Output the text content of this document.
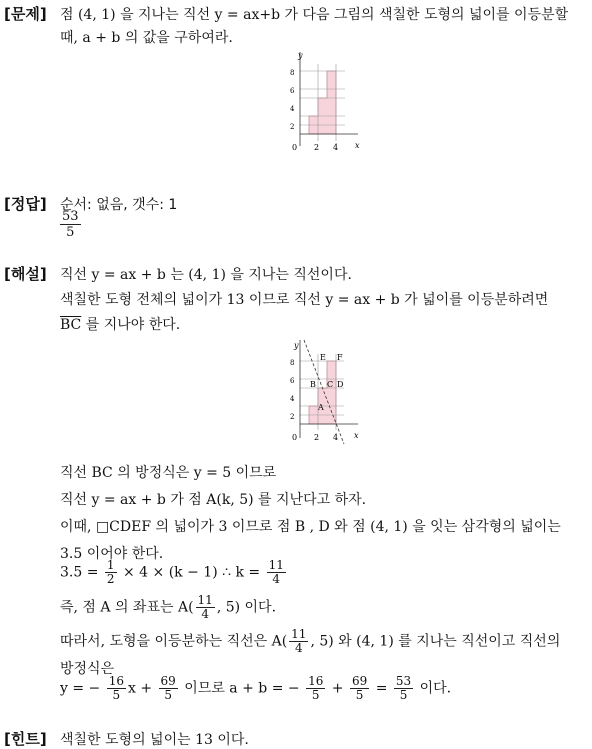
[문제] 점 (4, 1) 을 지나는 직선 y = ax+b 가 다음 그림의 색칠한 도형의 넓이를 이등분할
때, a + b 의 값을 구하여라.
y
x
8
6
4
2
0 2 4
[정답] 순서: 없음, 갯수: 1
$\frac{53}{5}$
[해설] 직선 y = ax + b 는 (4, 1) 을 지나는 직선이다.
색칠한 도형 전체의 넓이가 13 이므로 직선 y = ax + b 가 넓이를 이등분하려면
$\overline{BC}$ 를 지나야 한다.
y
x
8
6
4
2
0 2 4
E F
B C D
A
직선 BC 의 방정식은 y = 5 이므로
직선 y = ax + b 가 점 A(k, 5) 를 지난다고 하자.
이때, □CDEF 의 넓이가 3 이므로 점 B , D 와 점 (4, 1) 을 잇는 삼각형의 넓이는
3.5 이어야 한다.
$3.5 = \frac{1}{2} \times 4 \times (k - 1)$ ∴ $k = \frac{11}{4}$
즉, 점 A 의 좌표는 $A( \frac{11}{4}$ , 5) 이다.
따라서, 도형을 이등분하는 직선은 $A( \frac{11}{4}$ , 5) 와 (4, 1) 를 지나는 직선이고 직선의
방정식은
y = − $\frac{16}{5}$ $x + \frac{69}{5}$ 이므로 a + b = − $\frac{16}{5} + \frac{69}{5} = \frac{53}{5}$ 이다.
[힌트] 색칠한 도형의 넓이는 13 이다.
